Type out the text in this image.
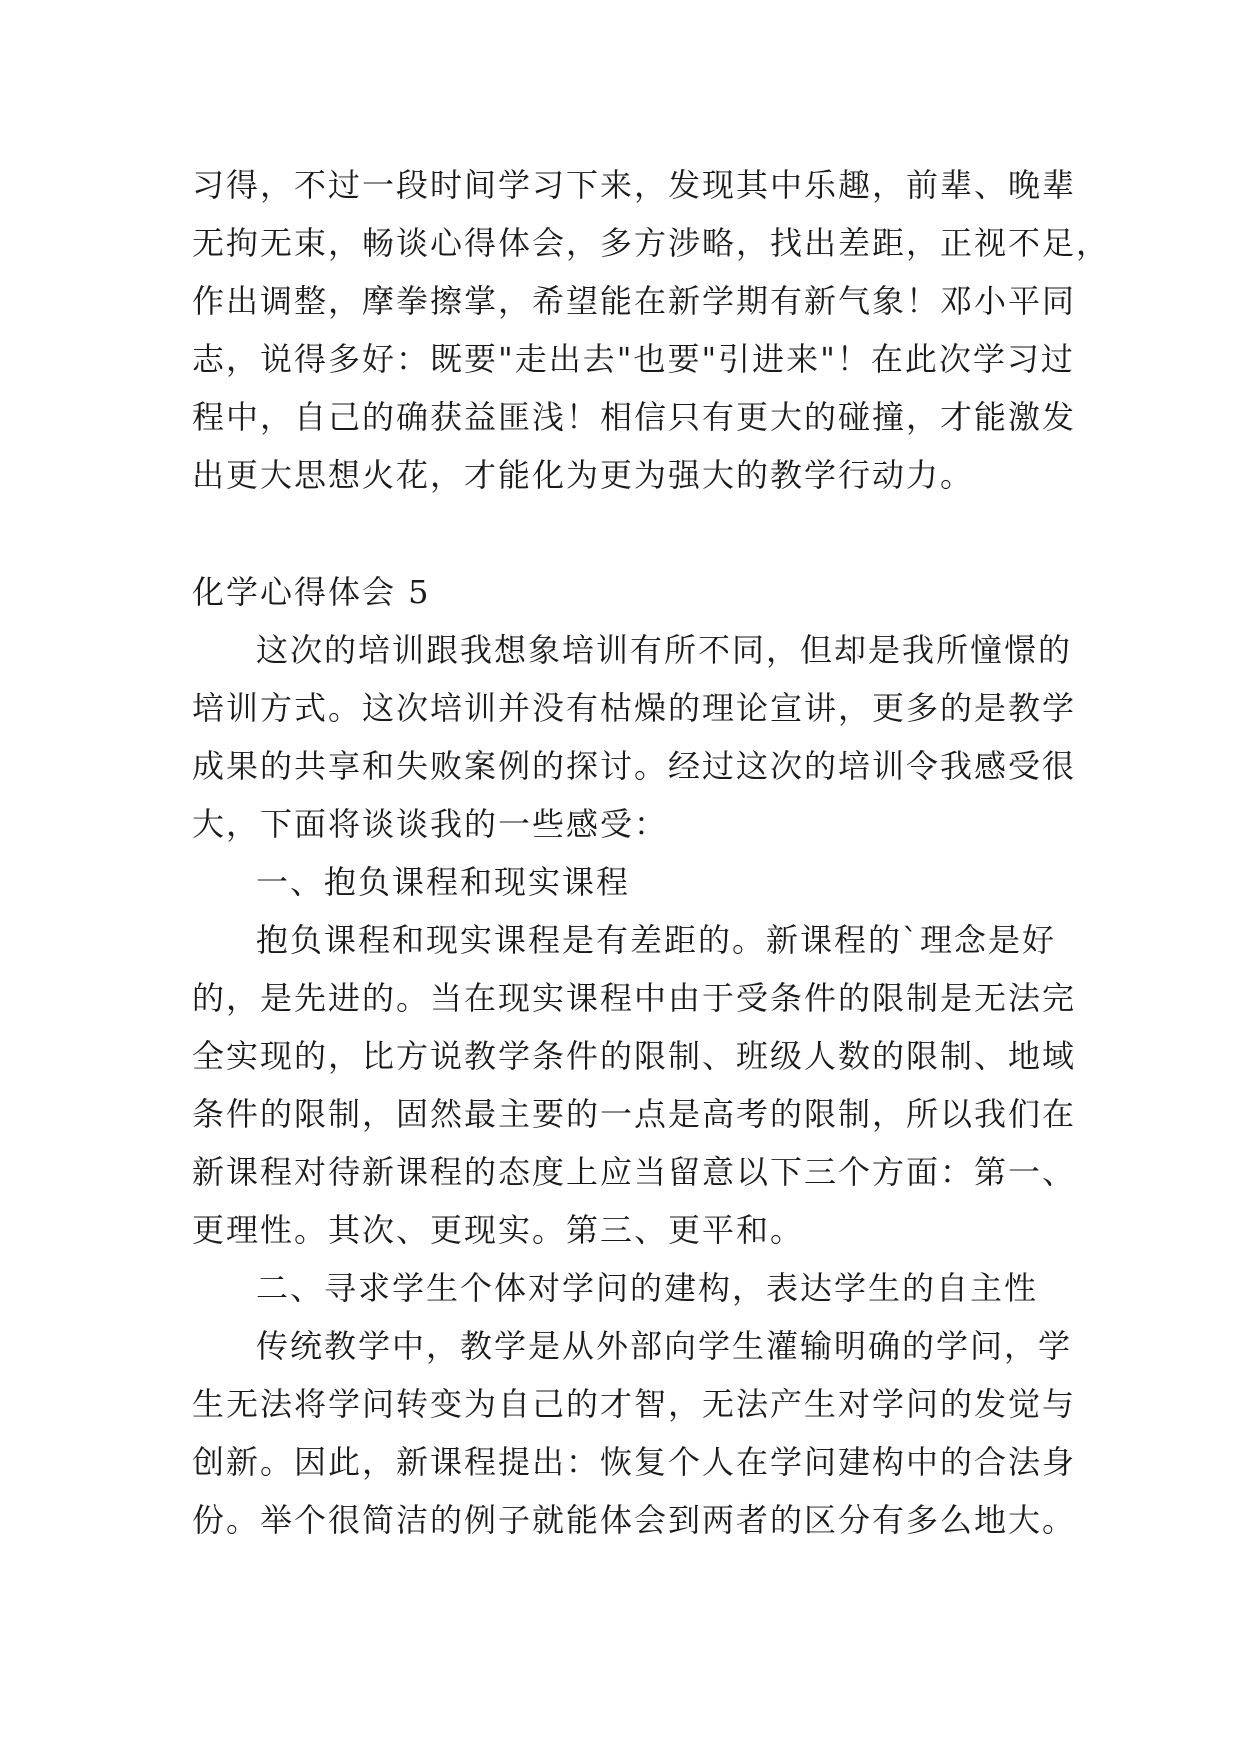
习得，不过一段时间学习下来，发现其中乐趣，前辈、晚辈
无拘无束，畅谈心得体会，多方涉略，找出差距，正视不足，
作出调整，摩拳擦掌，希望能在新学期有新气象！邓小平同
志，说得多好：既要"走出去"也要"引进来"！在此次学习过
程中，自己的确获益匪浅！相信只有更大的碰撞，才能激发
出更大思想火花，才能化为更为强大的教学行动力。
化学心得体会 5
这次的培训跟我想象培训有所不同，但却是我所憧憬的
培训方式。这次培训并没有枯燥的理论宣讲，更多的是教学
成果的共享和失败案例的探讨。经过这次的培训令我感受很
大，下面将谈谈我的一些感受：
一、抱负课程和现实课程
抱负课程和现实课程是有差距的。新课程的`理念是好
的，是先进的。当在现实课程中由于受条件的限制是无法完
全实现的，比方说教学条件的限制、班级人数的限制、地域
条件的限制，固然最主要的一点是高考的限制，所以我们在
新课程对待新课程的态度上应当留意以下三个方面：第一、
更理性。其次、更现实。第三、更平和。
二、寻求学生个体对学问的建构，表达学生的自主性
传统教学中，教学是从外部向学生灌输明确的学问，学
生无法将学问转变为自己的才智，无法产生对学问的发觉与
创新。因此，新课程提出：恢复个人在学问建构中的合法身
份。举个很简洁的例子就能体会到两者的区分有多么地大。
